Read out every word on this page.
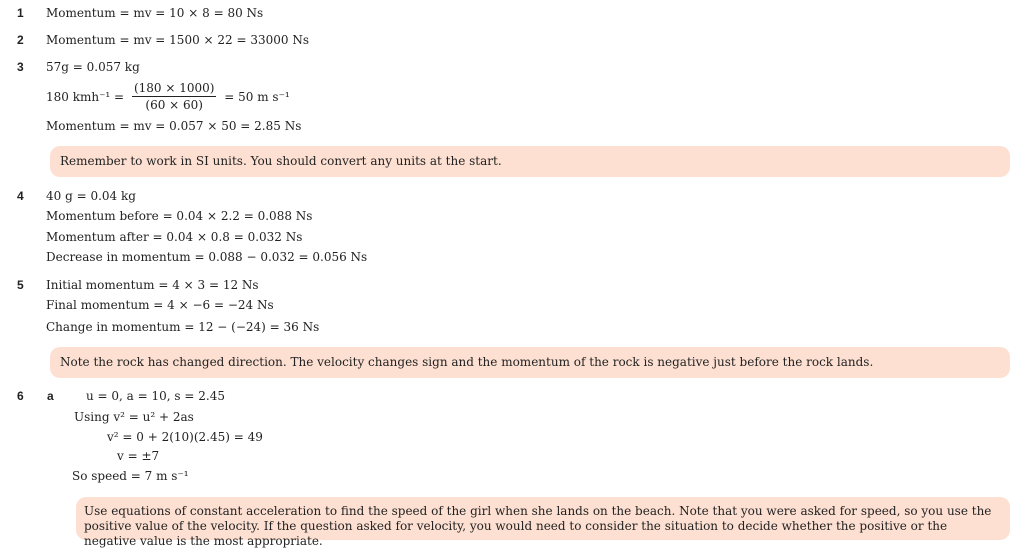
1 Momentum = mv = 10 × 8 = 80 Ns
2 Momentum = mv = 1500 × 22 = 33000 Ns
3 57g = 0.057 kg
180 $kmh^{-1} = \frac{(180 \times 1000)}{(60 \times 60)} = 50$ m s⁻¹
Momentum = mv = 0.057 × 50 = 2.85 Ns
Remember to work in SI units. You should convert any units at the start.
4 40 g = 0.04 kg
Momentum before = 0.04 × 2.2 = 0.088 Ns
Momentum after = 0.04 × 0.8 = 0.032 Ns
Decrease in momentum = 0.088 − 0.032 = 0.056 Ns
5 Initial momentum = 4 × 3 = 12 Ns
Final momentum = 4 × −6 = −24 Ns
Change in momentum = 12 − (−24) = 36 Ns
Note the rock has changed direction. The velocity changes sign and the momentum of the rock is negative just before the rock lands.
6 a	u = 0, a = 10, s = 2.45
Using v² = u² + 2as
v² = 0 + 2(10)(2.45) = 49
v = ±7
So speed = 7 m s⁻¹
Use equations of constant acceleration to find the speed of the girl when she lands on the beach. Note that you were asked for speed, so you use the positive value of the velocity. If the question asked for velocity, you would need to consider the situation to decide whether the positive or the negative value is the most appropriate.
